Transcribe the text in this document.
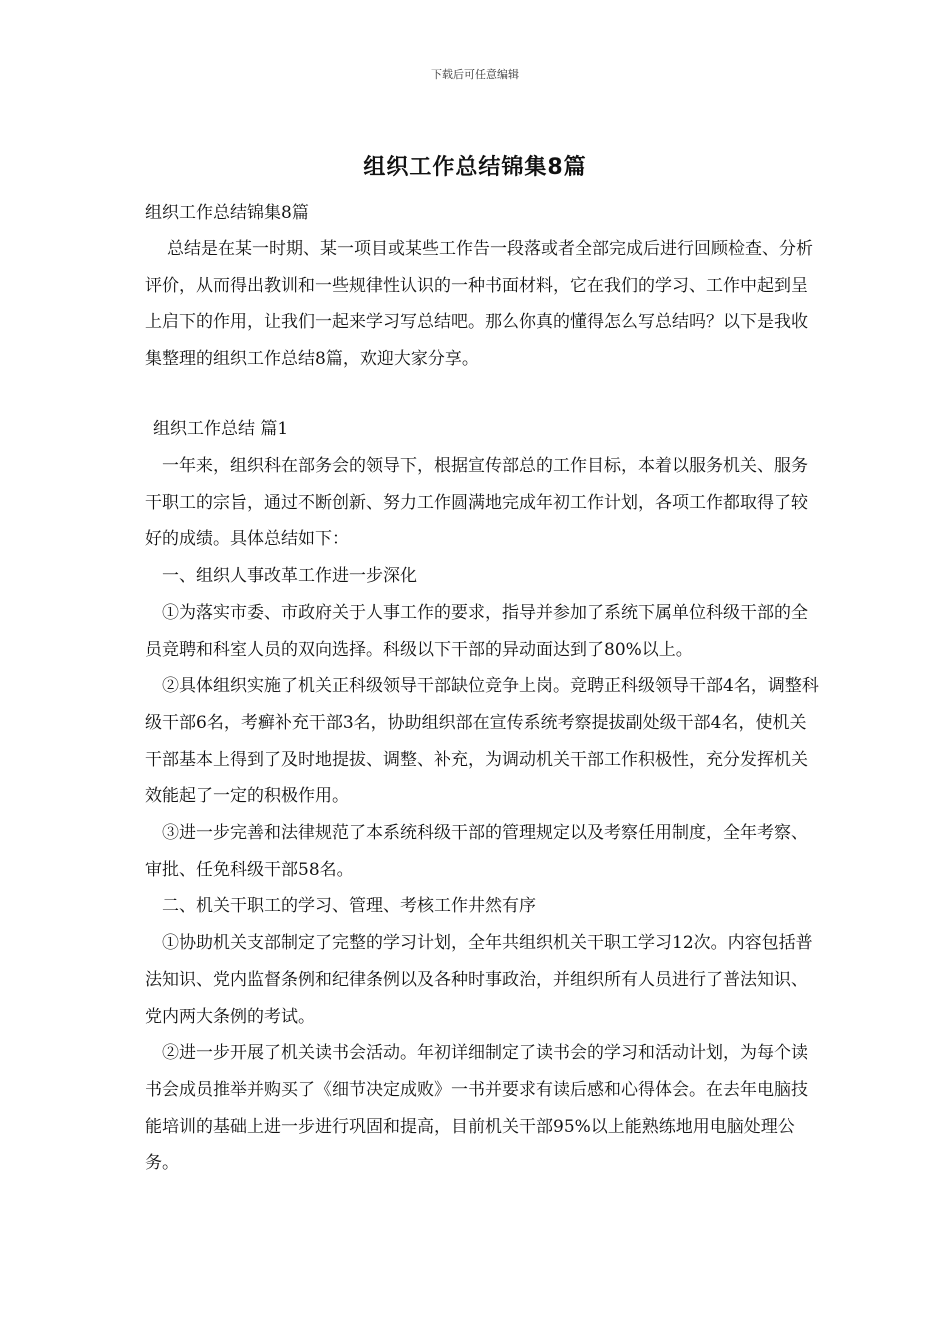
下载后可任意编辑
组织工作总结锦集8篇
组织工作总结锦集8篇
总结是在某一时期、某一项目或某些工作告一段落或者全部完成后进行回顾检查、分析评价，从而得出教训和一些规律性认识的一种书面材料，它在我们的学习、工作中起到呈上启下的作用，让我们一起来学习写总结吧。那么你真的懂得怎么写总结吗？以下是我收集整理的组织工作总结8篇，欢迎大家分享。
组织工作总结 篇1

一年来，组织科在部务会的领导下，根据宣传部总的工作目标，本着以服务机关、服务干职工的宗旨，通过不断创新、努力工作圆满地完成年初工作计划，各项工作都取得了较好的成绩。具体总结如下：

一、组织人事改革工作进一步深化

①为落实市委、市政府关于人事工作的要求，指导并参加了系统下属单位科级干部的全员竞聘和科室人员的双向选择。科级以下干部的异动面达到了80%以上。

②具体组织实施了机关正科级领导干部缺位竞争上岗。竞聘正科级领导干部4名，调整科级干部6名，考癣补充干部3名，协助组织部在宣传系统考察提拔副处级干部4名，使机关干部基本上得到了及时地提拔、调整、补充，为调动机关干部工作积极性，充分发挥机关效能起了一定的积极作用。

③进一步完善和法律规范了本系统科级干部的管理规定以及考察任用制度，全年考察、审批、任免科级干部58名。

二、机关干职工的学习、管理、考核工作井然有序

①协助机关支部制定了完整的学习计划，全年共组织机关干职工学习12次。内容包括普法知识、党内监督条例和纪律条例以及各种时事政治，并组织所有人员进行了普法知识、党内两大条例的考试。

②进一步开展了机关读书会活动。年初详细制定了读书会的学习和活动计划，为每个读书会成员推举并购买了《细节决定成败》一书并要求有读后感和心得体会。在去年电脑技能培训的基础上进一步进行巩固和提高，目前机关干部95%以上能熟练地用电脑处理公务。
